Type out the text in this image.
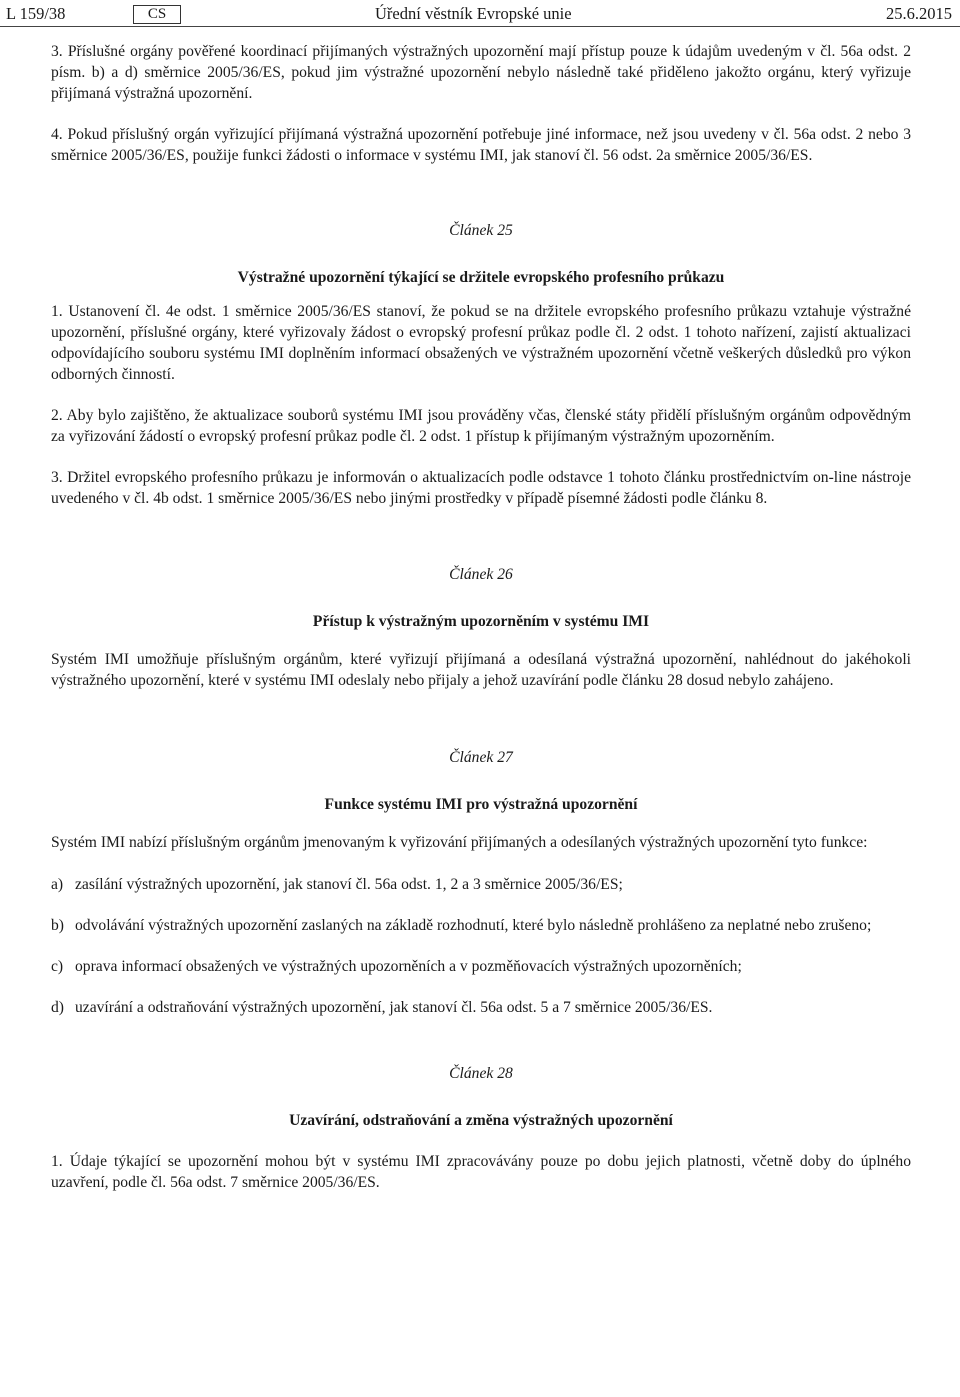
L 159/38	CS	Úřední věstník Evropské unie	25.6.2015

3. Příslušné orgány pověřené koordinací přijímaných výstražných upozornění mají přístup pouze k údajům uvedeným v čl. 56a odst. 2 písm. b) a d) směrnice 2005/36/ES, pokud jim výstražné upozornění nebylo následně také přiděleno jakožto orgánu, který vyřizuje přijímaná výstražná upozornění.

4. Pokud příslušný orgán vyřizující přijímaná výstražná upozornění potřebuje jiné informace, než jsou uvedeny v čl. 56a odst. 2 nebo 3 směrnice 2005/36/ES, použije funkci žádosti o informace v systému IMI, jak stanoví čl. 56 odst. 2a směrnice 2005/36/ES.

Článek 25

Výstražné upozornění týkající se držitele evropského profesního průkazu

1. Ustanovení čl. 4e odst. 1 směrnice 2005/36/ES stanoví, že pokud se na držitele evropského profesního průkazu vztahuje výstražné upozornění, příslušné orgány, které vyřizovaly žádost o evropský profesní průkaz podle čl. 2 odst. 1 tohoto nařízení, zajistí aktualizaci odpovídajícího souboru systému IMI doplněním informací obsažených ve výstražném upozornění včetně veškerých důsledků pro výkon odborných činností.

2. Aby bylo zajištěno, že aktualizace souborů systému IMI jsou prováděny včas, členské státy přidělí příslušným orgánům odpovědným za vyřizování žádostí o evropský profesní průkaz podle čl. 2 odst. 1 přístup k přijímaným výstražným upozorněním.

3. Držitel evropského profesního průkazu je informován o aktualizacích podle odstavce 1 tohoto článku prostřednictvím on-line nástroje uvedeného v čl. 4b odst. 1 směrnice 2005/36/ES nebo jinými prostředky v případě písemné žádosti podle článku 8.

Článek 26

Přístup k výstražným upozorněním v systému IMI

Systém IMI umožňuje příslušným orgánům, které vyřizují přijímaná a odesílaná výstražná upozornění, nahlédnout do jakéhokoli výstražného upozornění, které v systému IMI odeslaly nebo přijaly a jehož uzavírání podle článku 28 dosud nebylo zahájeno.

Článek 27

Funkce systému IMI pro výstražná upozornění

Systém IMI nabízí příslušným orgánům jmenovaným k vyřizování přijímaných a odesílaných výstražných upozornění tyto funkce:

a) zasílání výstražných upozornění, jak stanoví čl. 56a odst. 1, 2 a 3 směrnice 2005/36/ES;
b) odvolávání výstražných upozornění zaslaných na základě rozhodnutí, které bylo následně prohlášeno za neplatné nebo zrušeno;
c) oprava informací obsažených ve výstražných upozorněních a v pozměňovacích výstražných upozorněních;
d) uzavírání a odstraňování výstražných upozornění, jak stanoví čl. 56a odst. 5 a 7 směrnice 2005/36/ES.

Článek 28

Uzavírání, odstraňování a změna výstražných upozornění

1. Údaje týkající se upozornění mohou být v systému IMI zpracovávány pouze po dobu jejich platnosti, včetně doby do úplného uzavření, podle čl. 56a odst. 7 směrnice 2005/36/ES.
